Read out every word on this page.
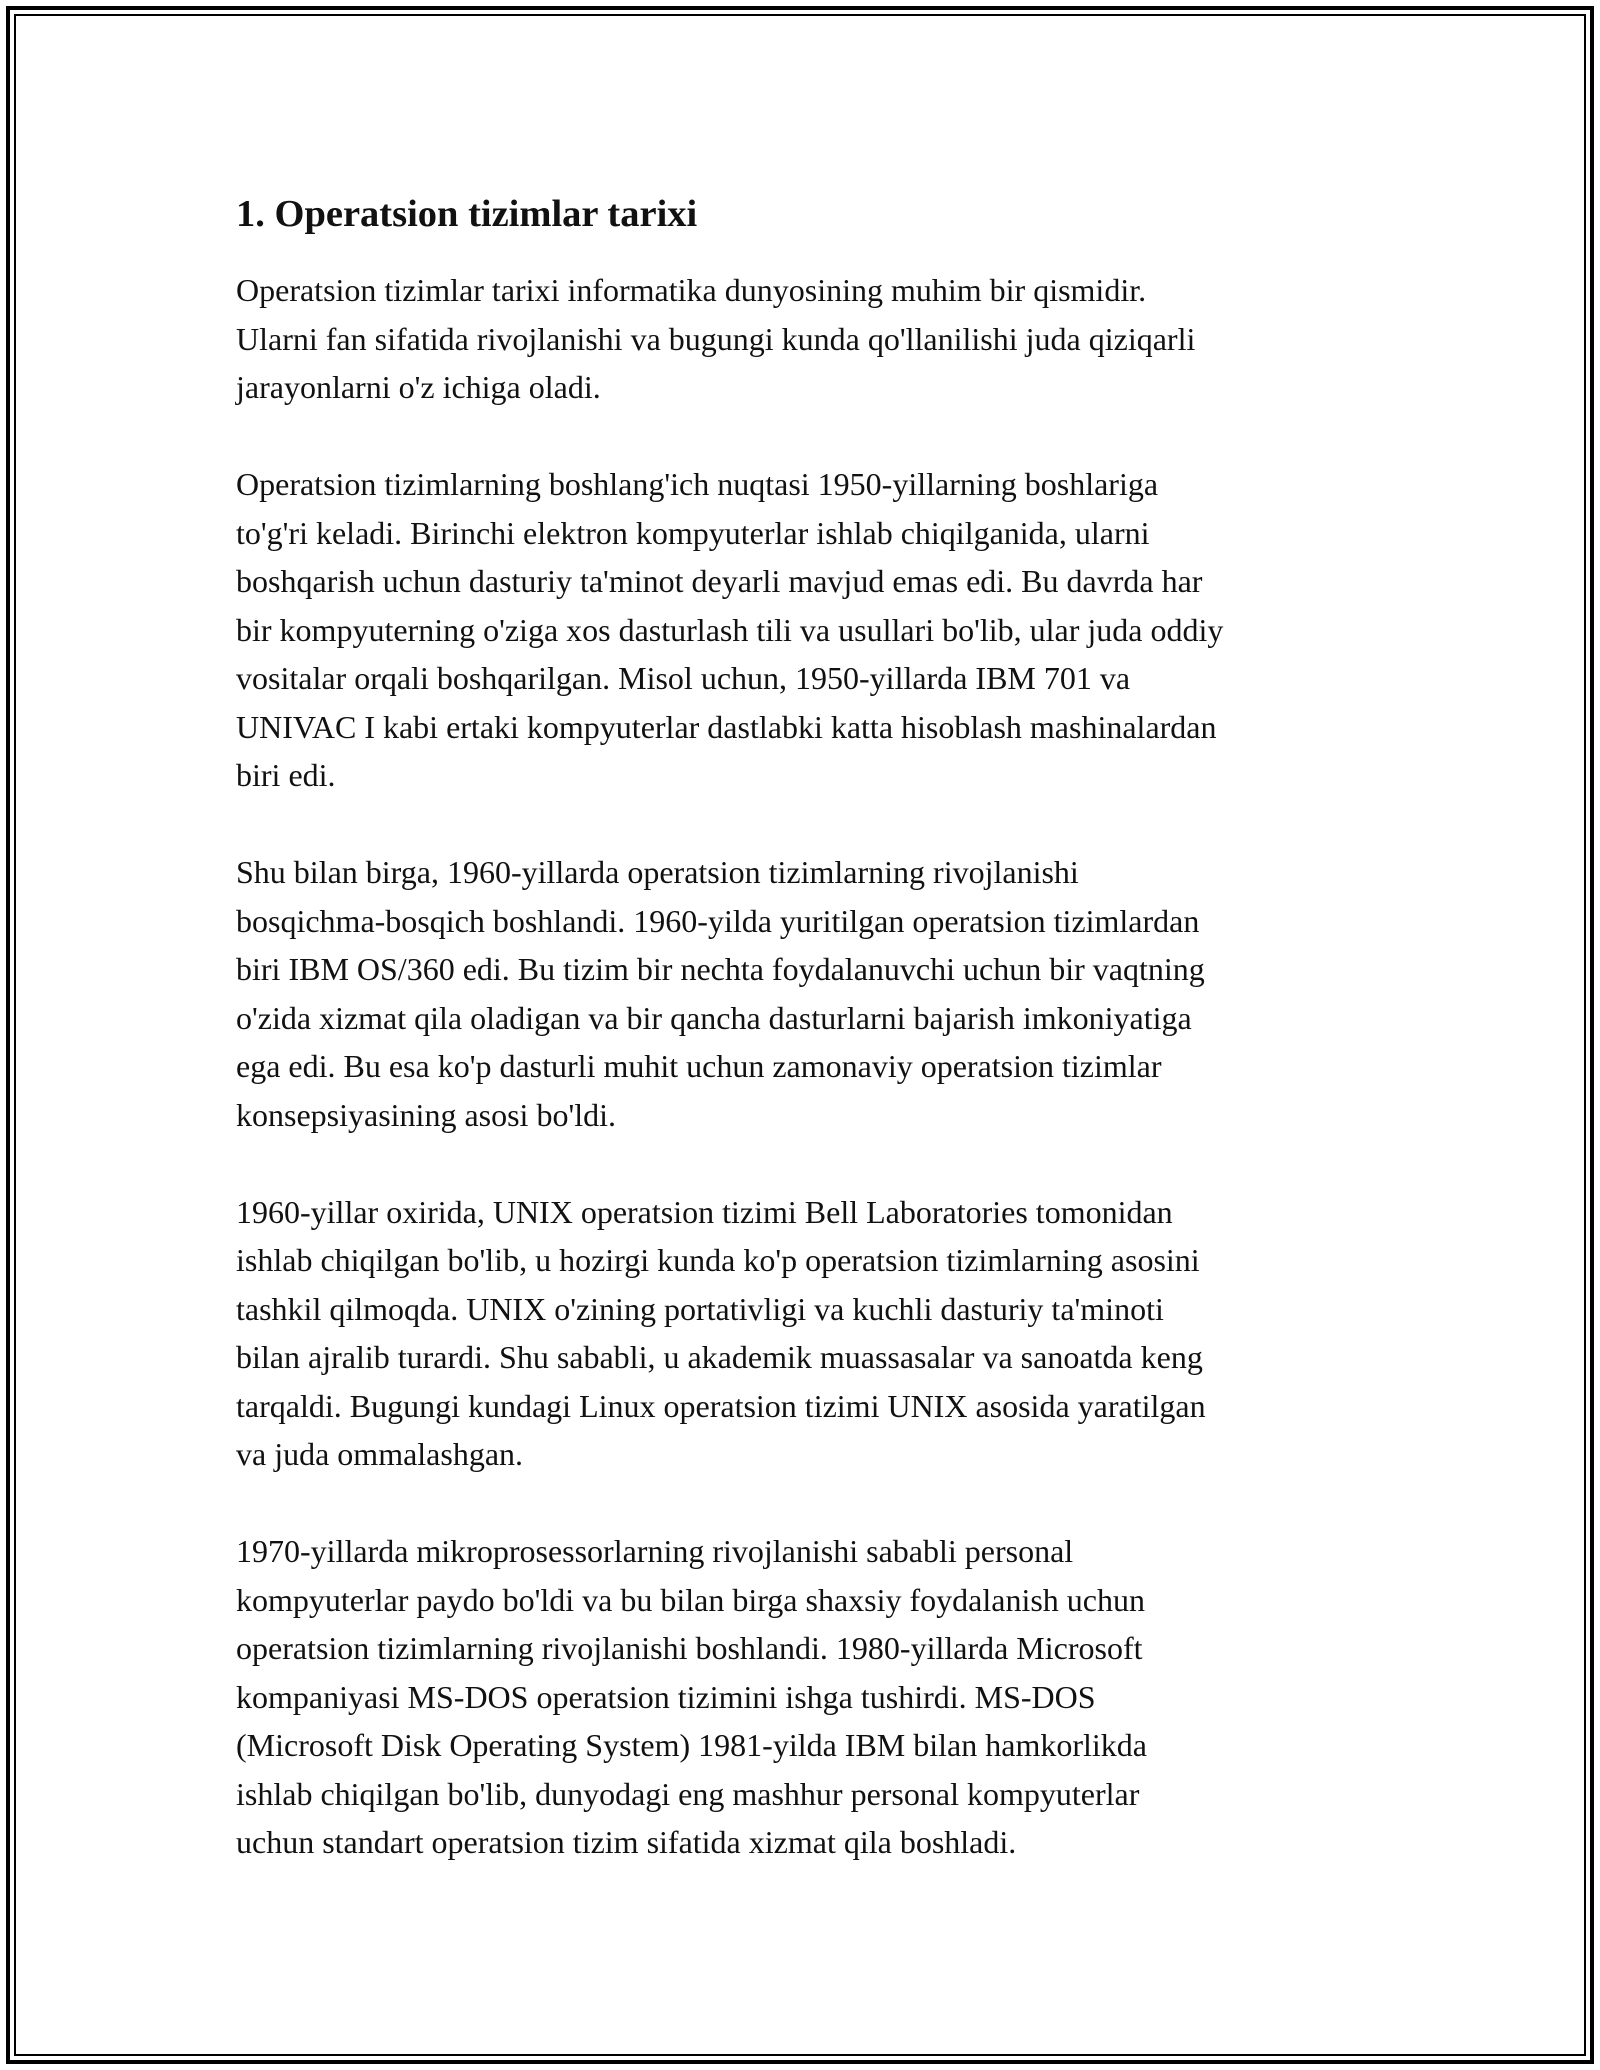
1. Operatsion tizimlar tarixi

Operatsion tizimlar tarixi informatika dunyosining muhim bir qismidir.
Ularni fan sifatida rivojlanishi va bugungi kunda qo'llanilishi juda qiziqarli
jarayonlarni o'z ichiga oladi.

Operatsion tizimlarning boshlang'ich nuqtasi 1950-yillarning boshlariga
to'g'ri keladi. Birinchi elektron kompyuterlar ishlab chiqilganida, ularni
boshqarish uchun dasturiy ta'minot deyarli mavjud emas edi. Bu davrda har
bir kompyuterning o'ziga xos dasturlash tili va usullari bo'lib, ular juda oddiy
vositalar orqali boshqarilgan. Misol uchun, 1950-yillarda IBM 701 va
UNIVAC I kabi ertaki kompyuterlar dastlabki katta hisoblash mashinalardan
biri edi.

Shu bilan birga, 1960-yillarda operatsion tizimlarning rivojlanishi
bosqichma-bosqich boshlandi. 1960-yilda yuritilgan operatsion tizimlardan
biri IBM OS/360 edi. Bu tizim bir nechta foydalanuvchi uchun bir vaqtning
o'zida xizmat qila oladigan va bir qancha dasturlarni bajarish imkoniyatiga
ega edi. Bu esa ko'p dasturli muhit uchun zamonaviy operatsion tizimlar
konsepsiyasining asosi bo'ldi.

1960-yillar oxirida, UNIX operatsion tizimi Bell Laboratories tomonidan
ishlab chiqilgan bo'lib, u hozirgi kunda ko'p operatsion tizimlarning asosini
tashkil qilmoqda. UNIX o'zining portativligi va kuchli dasturiy ta'minoti
bilan ajralib turardi. Shu sababli, u akademik muassasalar va sanoatda keng
tarqaldi. Bugungi kundagi Linux operatsion tizimi UNIX asosida yaratilgan
va juda ommalashgan.

1970-yillarda mikroprosessorlarning rivojlanishi sababli personal
kompyuterlar paydo bo'ldi va bu bilan birga shaxsiy foydalanish uchun
operatsion tizimlarning rivojlanishi boshlandi. 1980-yillarda Microsoft
kompaniyasi MS-DOS operatsion tizimini ishga tushirdi. MS-DOS
(Microsoft Disk Operating System) 1981-yilda IBM bilan hamkorlikda
ishlab chiqilgan bo'lib, dunyodagi eng mashhur personal kompyuterlar
uchun standart operatsion tizim sifatida xizmat qila boshladi.
